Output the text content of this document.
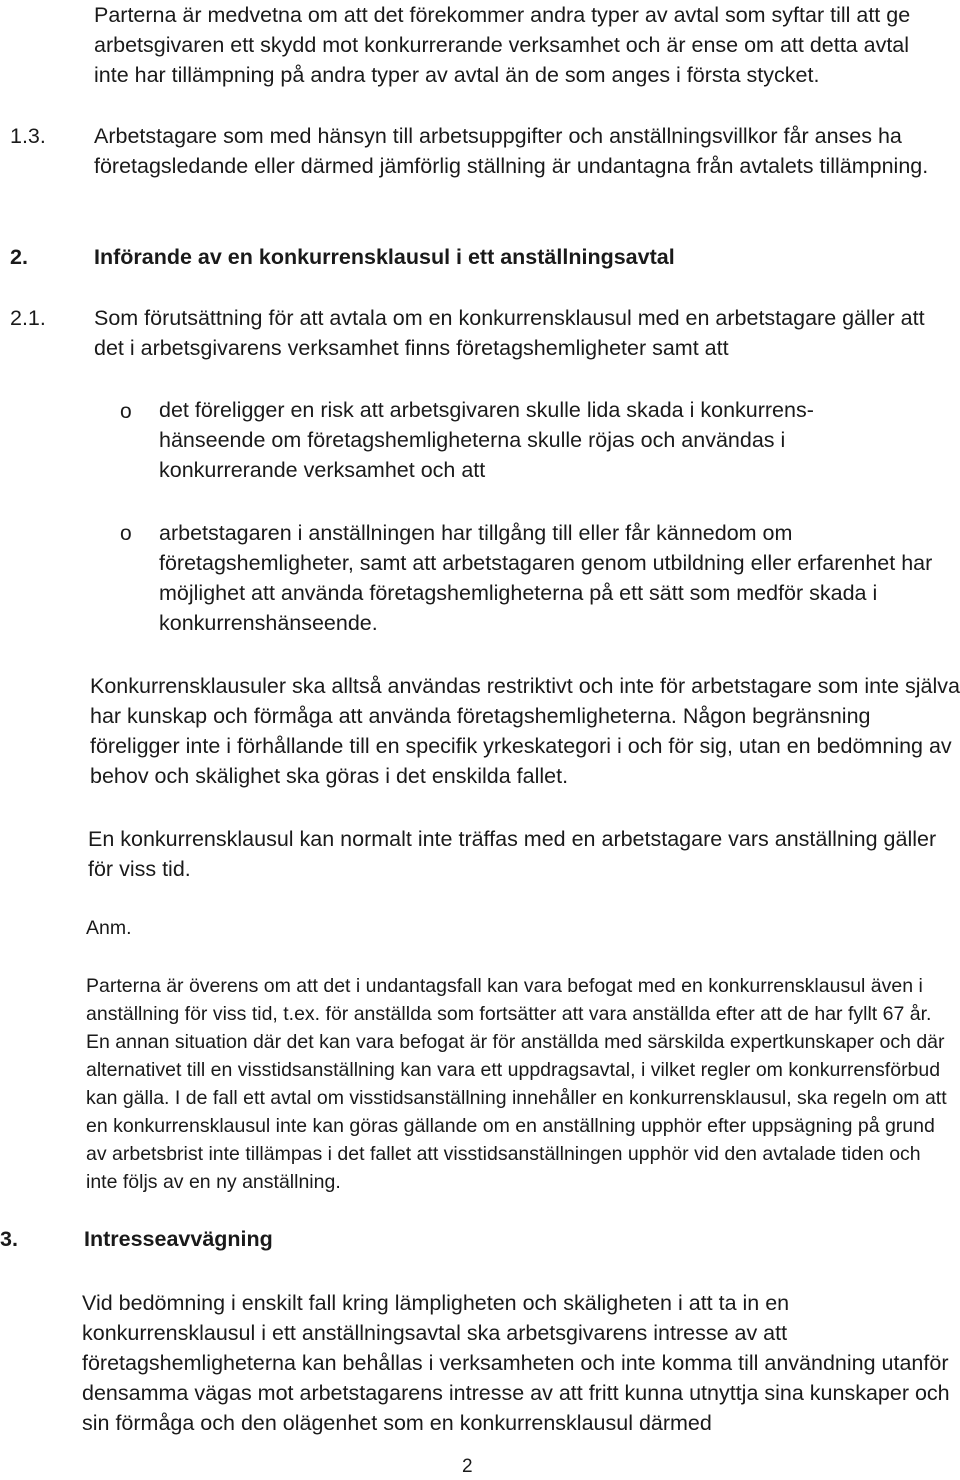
Parterna är medvetna om att det förekommer andra typer av avtal som syftar till att ge arbetsgivaren ett skydd mot konkurrerande verksamhet och är ense om att detta avtal inte har tillämpning på andra typer av avtal än de som anges i första stycket.

1.3. Arbetstagare som med hänsyn till arbetsuppgifter och anställningsvillkor får anses ha företagsledande eller därmed jämförlig ställning är undantagna från avtalets tillämpning.

2.	Införande av en konkurrensklausul i ett anställningsavtal
2.1. Som förutsättning för att avtala om en konkurrensklausul med en arbetstagare gäller att det i arbetsgivarens verksamhet finns företagshemligheter samt att

o det föreligger en risk att arbetsgivaren skulle lida skada i konkurrens-hänseende om företagshemligheterna skulle röjas och användas i konkurrerande verksamhet och att

o arbetstagaren i anställningen har tillgång till eller får kännedom om företagshemligheter, samt att arbetstagaren genom utbildning eller erfarenhet har möjlighet att använda företagshemligheterna på ett sätt som medför skada i konkurrenshänseende.

Konkurrensklausuler ska alltså användas restriktivt och inte för arbetstagare som inte själva har kunskap och förmåga att använda företagshemligheterna. Någon begränsning föreligger inte i förhållande till en specifik yrkeskategori i och för sig, utan en bedömning av behov och skälighet ska göras i det enskilda fallet.

En konkurrensklausul kan normalt inte träffas med en arbetstagare vars anställning gäller för viss tid.

Anm.

Parterna är överens om att det i undantagsfall kan vara befogat med en konkurrensklausul även i anställning för viss tid, t.ex. för anställda som fortsätter att vara anställda efter att de har fyllt 67 år. En annan situation där det kan vara befogat är för anställda med särskilda expertkunskaper och där alternativet till en visstidsanställning kan vara ett uppdragsavtal, i vilket regler om konkurrensförbud kan gälla. I de fall ett avtal om visstidsanställning innehåller en konkurrensklausul, ska regeln om att en konkurrensklausul inte kan göras gällande om en anställning upphör efter uppsägning på grund av arbetsbrist inte tillämpas i det fallet att visstidsanställningen upphör vid den avtalade tiden och inte följs av en ny anställning.

3.	Intresseavvägning

Vid bedömning i enskilt fall kring lämpligheten och skäligheten i att ta in en konkurrensklausul i ett anställningsavtal ska arbetsgivarens intresse av att företagshemligheterna kan behållas i verksamheten och inte komma till användning utanför densamma vägas mot arbetstagarens intresse av att fritt kunna utnyttja sina kunskaper och sin förmåga och den olägenhet som en konkurrensklausul därmed

2
